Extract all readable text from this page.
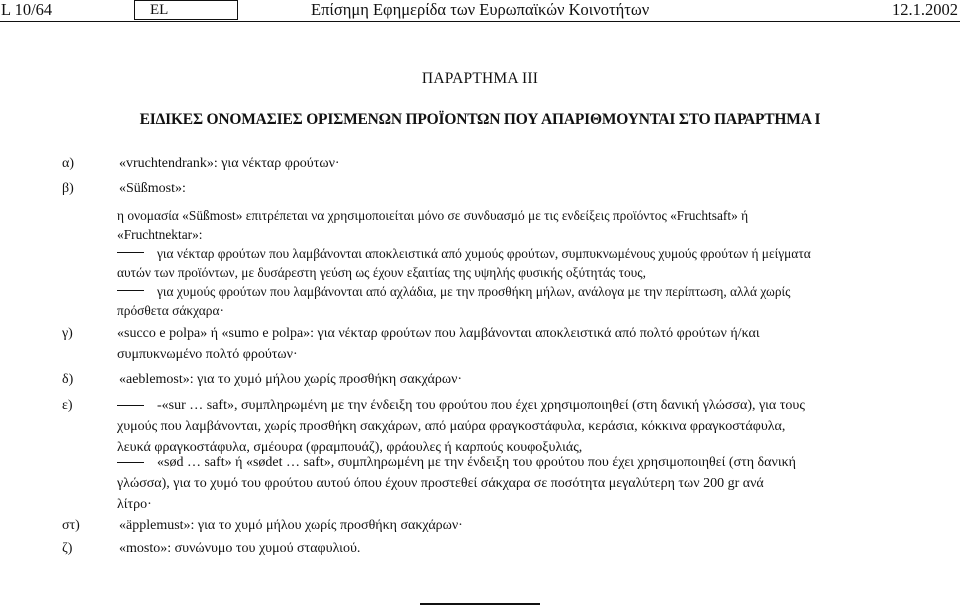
L 10/64	EL	Επίσημη Εφημερίδα των Ευρωπαϊκών Κοινοτήτων	12.1.2002
ΠΑΡΑΡΤΗΜΑ III
ΕΙΔΙΚΕΣ ΟΝΟΜΑΣΙΕΣ ΟΡΙΣΜΕΝΩΝ ΠΡΟΪΟΝΤΩΝ ΠΟΥ ΑΠΑΡΙΘΜΟΥΝΤΑΙ ΣΤΟ ΠΑΡΑΡΤΗΜΑ Ι
α)	«vruchtendrank»: για νέκταρ φρούτων·
β)	«Süßmost»:
η ονομασία «Süßmost» επιτρέπεται να χρησιμοποιείται μόνο σε συνδυασμό με τις ενδείξεις προϊόντος «Fruchtsaft» ή
«Fruchtnektar»:
για νέκταρ φρούτων που λαμβάνονται αποκλειστικά από χυμούς φρούτων, συμπυκνωμένους χυμούς φρούτων ή μείγματα
αυτών των προϊόντων, με δυσάρεστη γεύση ως έχουν εξαιτίας της υψηλής φυσικής οξύτητάς τους,
για χυμούς φρούτων που λαμβάνονται από αχλάδια, με την προσθήκη μήλων, ανάλογα με την περίπτωση, αλλά χωρίς
πρόσθετα σάκχαρα·
γ)	«succo e polpa» ή «sumo e polpa»: για νέκταρ φρούτων που λαμβάνονται αποκλειστικά από πολτό φρούτων ή/και
συμπυκνωμένο πολτό φρούτων·
δ)	«aeblemost»: για το χυμό μήλου χωρίς προσθήκη σακχάρων·
ε)	-«sur … saft», συμπληρωμένη με την ένδειξη του φρούτου που έχει χρησιμοποιηθεί (στη δανική γλώσσα), για τους
χυμούς που λαμβάνονται, χωρίς προσθήκη σακχάρων, από μαύρα φραγκοστάφυλα, κεράσια, κόκκινα φραγκοστάφυλα,
λευκά φραγκοστάφυλα, σμέουρα (φραμπουάζ), φράουλες ή καρπούς κουφοξυλιάς,
«sød … saft» ή «sødet … saft», συμπληρωμένη με την ένδειξη του φρούτου που έχει χρησιμοποιηθεί (στη δανική
γλώσσα), για το χυμό του φρούτου αυτού όπου έχουν προστεθεί σάκχαρα σε ποσότητα μεγαλύτερη των 200 gr ανά
λίτρο·
στ)	«äpplemust»: για το χυμό μήλου χωρίς προσθήκη σακχάρων·
ζ)	«mosto»: συνώνυμο του χυμού σταφυλιού.
